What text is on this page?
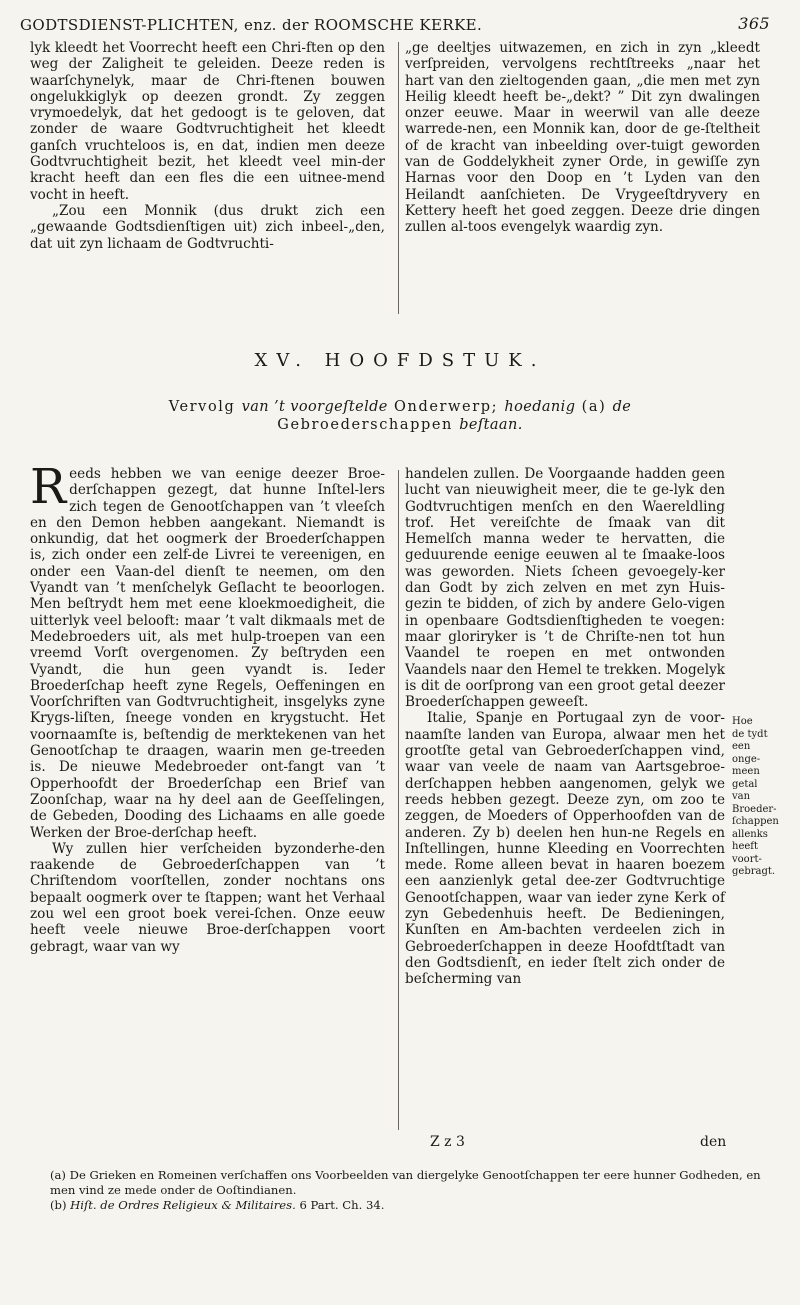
GODTSDIENST-PLICHTEN, enz. der ROOMSCHE KERKE.	365

lyk kleedt het Voorrecht heeft een Chri-ften op den weg der Zaligheit te geleiden. Deeze reden is waarſchynelyk, maar de Chri-ftenen bouwen ongelukkiglyk op deezen grondt. Zy zeggen vrymoedelyk, dat het gedoogt is te geloven, dat zonder de waare Godtvruchtigheit het kleedt ganſch vruchteloos is, en dat, indien men deeze Godtvruchtigheit bezit, het kleedt veel min-der kracht heeft dan een fles die een uitnee-mend vocht in heeft.

„Zou een Monnik (dus drukt zich een „gewaande Godtsdienſtigen uit) zich inbeel-„den, dat uit zyn lichaam de Godtvruchti-

„ge deeltjes uitwazemen, en zich in zyn „kleedt verſpreiden, vervolgens rechtſtreeks „naar het hart van den zieltogenden gaan, „die men met zyn Heilig kleedt heeft be-„dekt? ” Dit zyn dwalingen onzer eeuwe. Maar in weerwil van alle deeze warrede-nen, een Monnik kan, door de ge-ſteltheit of de kracht van inbeelding over-tuigt geworden van de Goddelykheit zyner Orde, in gewiſſe zyn Harnas voor den Doop en ’t Lyden van den Heilandt aanſchieten. De Vrygeeſtdryvery en Kettery heeft het goed zeggen. Deeze drie dingen zullen al-toos evengelyk waardig zyn.

XV. HOOFDSTUK.
Vervolg van ’t voorgeſtelde Onderwerp; hoedanig (a) de
Gebroederschappen beſtaan.

Reeds hebben we van eenige deezer Broe-derſchappen gezegt, dat hunne Inſtel-lers zich tegen de Genootſchappen van ’t vleeſch en den Demon hebben aangekant. Niemandt is onkundig, dat het oogmerk der Broederſchappen is, zich onder een zelf-de Livrei te vereenigen, en onder een Vaan-del dienſt te neemen, om den Vyandt van ’t menſchelyk Geſlacht te beoorlogen. Men beſtrydt hem met eene kloekmoedigheit, die uitterlyk veel belooft: maar ’t valt dikmaals met de Medebroeders uit, als met hulp-troepen van een vreemd Vorſt overgenomen. Zy beſtryden een Vyandt, die hun geen vyandt is. Ieder Broederſchap heeft zyne Regels, Oeffeningen en Voorſchriften van Godtvruchtigheit, insgelyks zyne Krygs-liſten, ſneege vonden en krygstucht. Het voornaamſte is, beſtendig de merktekenen van het Genootſchap te draagen, waarin men ge-treeden is. De nieuwe Medebroeder ont-fangt van ’t Opperhoofdt der Broederſchap een Brief van Zoonſchap, waar na hy deel aan de Geeſſelingen, de Gebeden, Dooding des Lichaams en alle goede Werken der Broe-derſchap heeft.

Wy zullen hier verſcheiden byzonderhe-den raakende de Gebroederſchappen van ’t Chriſtendom voorſtellen, zonder nochtans ons bepaalt oogmerk over te ſtappen; want het Verhaal zou wel een groot boek verei-ſchen. Onze eeuw heeft veele nieuwe Broe-derſchappen voort gebragt, waar van wy

handelen zullen. De Voorgaande hadden geen lucht van nieuwigheit meer, die te ge-lyk den Godtvruchtigen menſch en den Waereldling trof. Het vereiſchte de ſmaak van dit Hemelſch manna weder te hervatten, die geduurende eenige eeuwen al te ſmaake-loos was geworden. Niets ſcheen gevoegely-ker dan Godt by zich zelven en met zyn Huis-gezin te bidden, of zich by andere Gelo-vigen in openbaare Godtsdienſtigheden te voegen: maar gloriryker is ’t de Chriſte-nen tot hun Vaandel te roepen en met ontwonden Vaandels naar den Hemel te trekken. Mogelyk is dit de oorſprong van een groot getal deezer Broederſchappen geweeſt.

Italie, Spanje en Portugaal zyn de voor-naamſte landen van Europa, alwaar men het grootſte getal van Gebroederſchappen vind, waar van veele de naam van Aartsgebroe-derſchappen hebben aangenomen, gelyk we reeds hebben gezegt. Deeze zyn, om zoo te zeggen, de Moeders of Opperhoofden van de anderen. Zy b) deelen hen hun-ne Regels en Inſtellingen, hunne Kleeding en Voorrechten mede. Rome alleen bevat in haaren boezem een aanzienlyk getal dee-zer Godtvruchtige Genootſchappen, waar van ieder zyne Kerk of zyn Gebedenhuis heeft. De Bedieningen, Kunſten en Am-bachten verdeelen zich in Gebroederſchappen in deeze Hoofdtſtadt van den Godtsdienſt, en ieder ſtelt zich onder de beſcherming van

Hoe
de tydt
een
onge-
meen
getal van
Broeder-
ſchappen
allenks
heeft
voort-
gebragt.
Z z 3	den

(a) De Grieken en Romeinen verſchaffen ons Voorbeelden van diergelyke Genootſchappen ter eere hunner Godheden, en men vind ze mede onder de Ooſtindianen.

(b) Hiſt. de Ordres Religieux & Militaires. 6 Part. Ch. 34.
